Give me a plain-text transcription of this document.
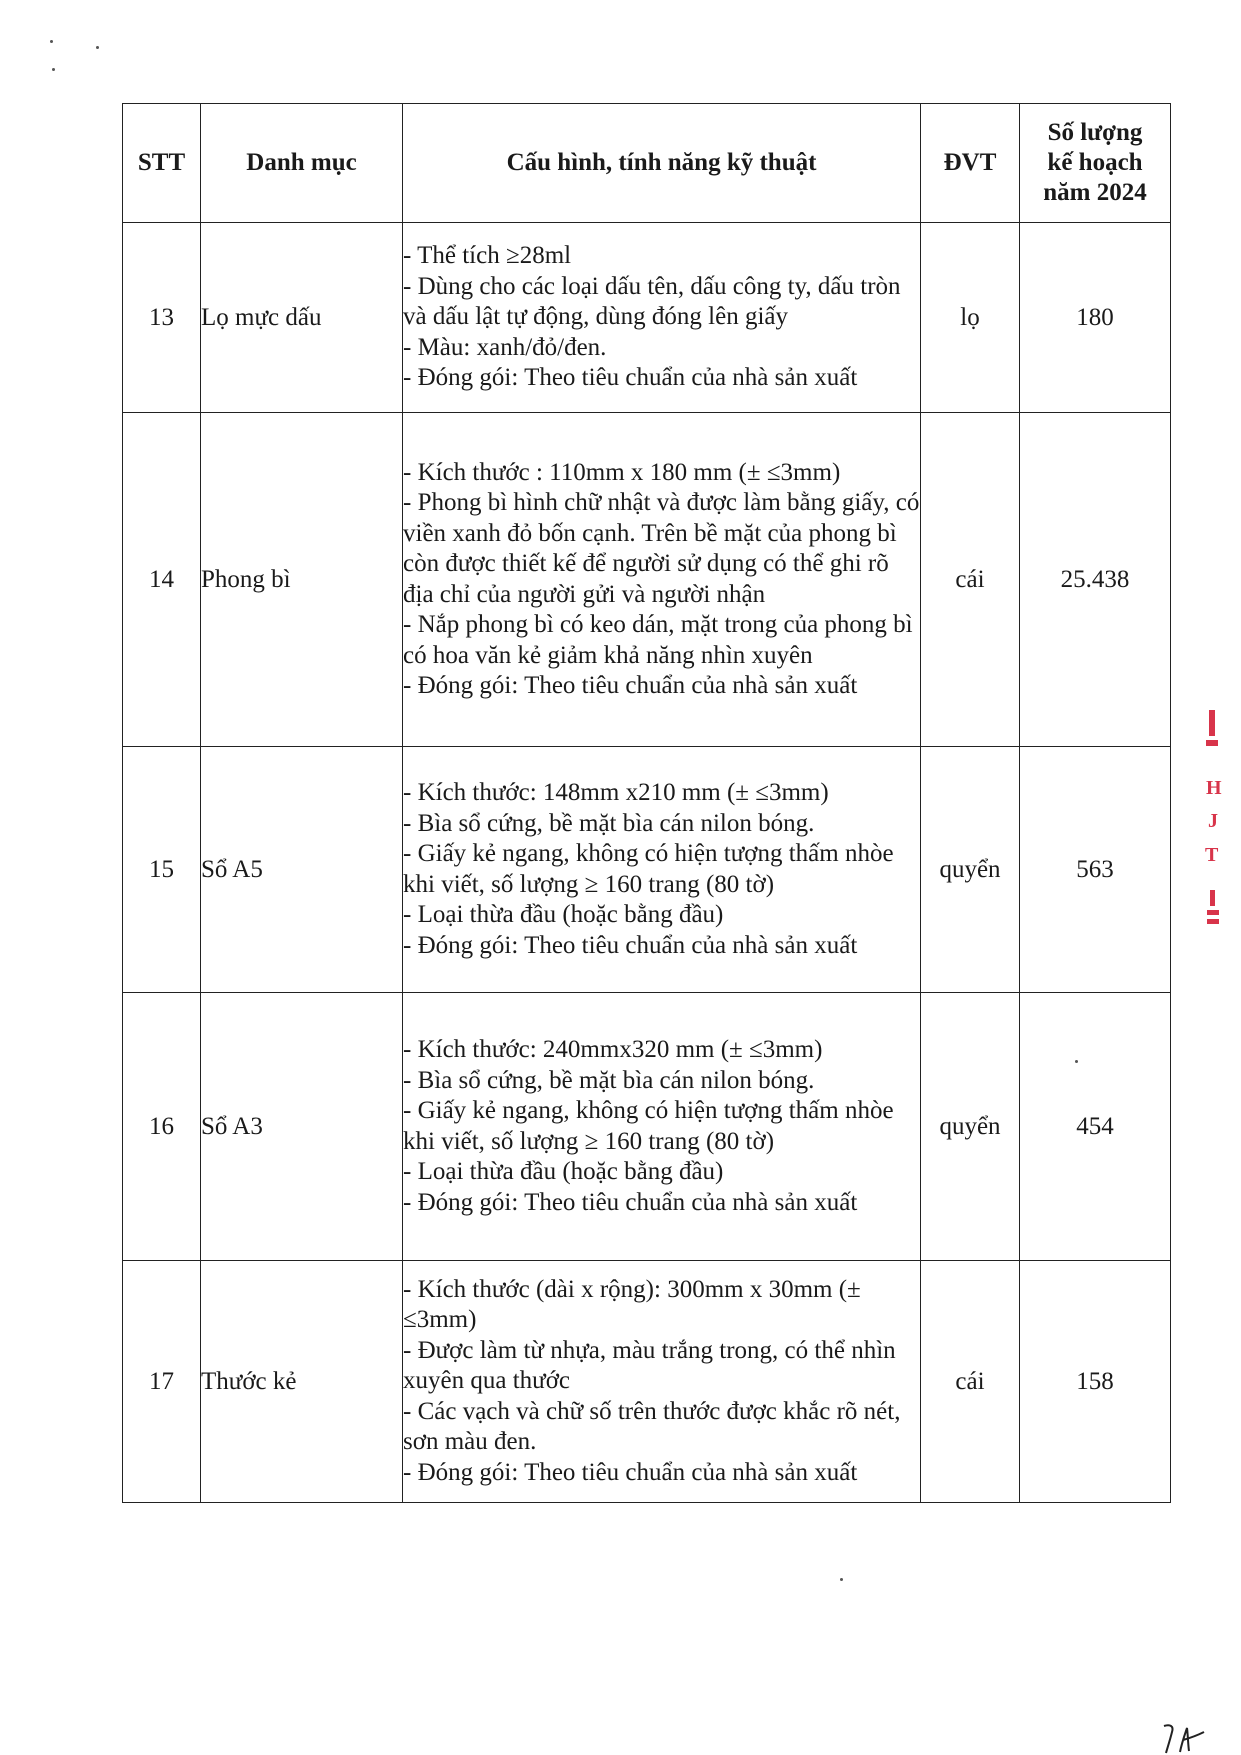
STT	Danh mục	Cấu hình, tính năng kỹ thuật	ĐVT	Số lượng
kế hoạch
năm 2024

13	Lọ mực dấu	- Thể tích ≥28ml
- Dùng cho các loại dấu tên, dấu công ty, dấu tròn và dấu lật tự động, dùng đóng lên giấy
- Màu: xanh/đỏ/đen.
- Đóng gói: Theo tiêu chuẩn của nhà sản xuất	lọ	180
14	Phong bì	- Kích thước : 110mm x 180 mm (± ≤3mm)
- Phong bì hình chữ nhật và được làm bằng giấy, có viền xanh đỏ bốn cạnh. Trên bề mặt của phong bì còn được thiết kế để người sử dụng có thể ghi rõ địa chỉ của người gửi và người nhận
- Nắp phong bì có keo dán, mặt trong của phong bì có hoa văn kẻ giảm khả năng nhìn xuyên
- Đóng gói: Theo tiêu chuẩn của nhà sản xuất	cái	25.438
15	Sổ A5	- Kích thước: 148mm x210 mm (± ≤3mm)
- Bìa sổ cứng, bề mặt bìa cán nilon bóng.
- Giấy kẻ ngang, không có hiện tượng thấm nhòe khi viết, số lượng ≥ 160 trang (80 tờ)
- Loại thừa đầu (hoặc bằng đầu)
- Đóng gói: Theo tiêu chuẩn của nhà sản xuất	quyển	563
16	Sổ A3	- Kích thước: 240mmx320 mm (± ≤3mm)
- Bìa sổ cứng, bề mặt bìa cán nilon bóng.
- Giấy kẻ ngang, không có hiện tượng thấm nhòe khi viết, số lượng ≥ 160 trang (80 tờ)
- Loại thừa đầu (hoặc bằng đầu)
- Đóng gói: Theo tiêu chuẩn của nhà sản xuất	quyển	454
17	Thước kẻ	- Kích thước (dài x rộng): 300mm x 30mm (± ≤3mm)
- Được làm từ nhựa, màu trắng trong, có thể nhìn xuyên qua thước
- Các vạch và chữ số trên thước được khắc rõ nét, sơn màu đen.
- Đóng gói: Theo tiêu chuẩn của nhà sản xuất	cái	158
H
J
T
